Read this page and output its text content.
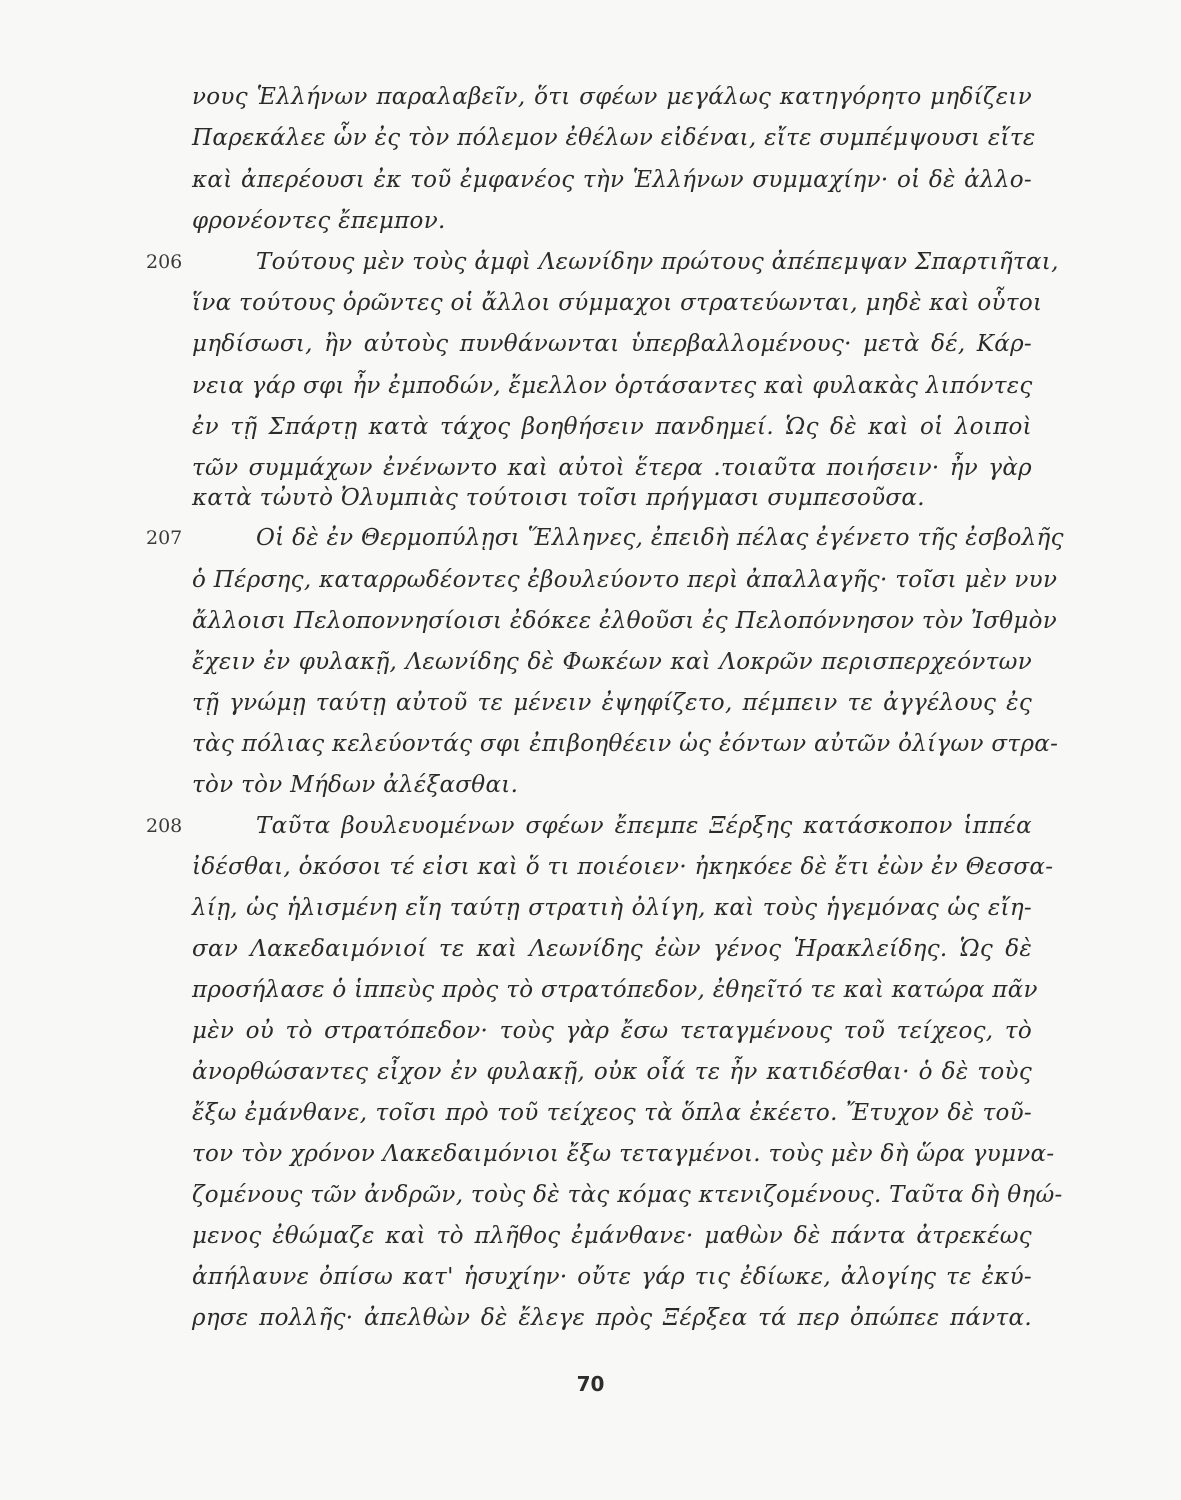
206
207
208
νους Ἑλλήνων παραλαβεῖν, ὅτι σφέων μεγάλως κατηγόρητο μηδίζειν
Παρεκάλεε ὧν ἐς τὸν πόλεμον ἐθέλων εἰδέναι, εἴτε συμπέμψουσι εἴτε
καὶ ἀπερέουσι ἐκ τοῦ ἐμφανέος τὴν Ἑλλήνων συμμαχίην· οἱ δὲ ἀλλο-
φρονέοντες ἔπεμπον.
Τούτους μὲν τοὺς ἀμφὶ Λεωνίδην πρώτους ἀπέπεμψαν Σπαρτιῆται,
ἵνα τούτους ὁρῶντες οἱ ἄλλοι σύμμαχοι στρατεύωνται, μηδὲ καὶ οὗτοι
μηδίσωσι, ἢν αὐτοὺς πυνθάνωνται ὑπερβαλλομένους· μετὰ δέ, Κάρ-
νεια γάρ σφι ἦν ἐμποδών, ἔμελλον ὁρτάσαντες καὶ φυλακὰς λιπόντες
ἐν τῇ Σπάρτῃ κατὰ τάχος βοηθήσειν πανδημεί. Ὡς δὲ καὶ οἱ λοιποὶ
τῶν συμμάχων ἐνένωντο καὶ αὐτοὶ ἕτερα .τοιαῦτα ποιήσειν· ἦν γὰρ
κατὰ τὠυτὸ Ὀλυμπιὰς τούτοισι τοῖσι πρήγμασι συμπεσοῦσα.
Οἱ δὲ ἐν Θερμοπύλῃσι Ἕλληνες, ἐπειδὴ πέλας ἐγένετο τῆς ἐσβολῆς
ὁ Πέρσης, καταρρωδέοντες ἐβουλεύοντο περὶ ἀπαλλαγῆς· τοῖσι μὲν νυν
ἄλλοισι Πελοποννησίοισι ἐδόκεε ἐλθοῦσι ἐς Πελοπόννησον τὸν Ἰσθμὸν
ἔχειν ἐν φυλακῇ, Λεωνίδης δὲ Φωκέων καὶ Λοκρῶν περισπερχεόντων
τῇ γνώμῃ ταύτῃ αὐτοῦ τε μένειν ἐψηφίζετο, πέμπειν τε ἀγγέλους ἐς
τὰς πόλιας κελεύοντάς σφι ἐπιβοηθέειν ὡς ἐόντων αὐτῶν ὀλίγων στρα-
τὸν τὸν Μήδων ἀλέξασθαι.
Ταῦτα βουλευομένων σφέων ἔπεμπε Ξέρξης κατάσκοπον ἱππέα
ἰδέσθαι, ὁκόσοι τέ εἰσι καὶ ὅ τι ποιέοιεν· ἠκηκόεε δὲ ἔτι ἐὼν ἐν Θεσσα-
λίῃ, ὡς ἡλισμένη εἴη ταύτῃ στρατιὴ ὀλίγη, καὶ τοὺς ἡγεμόνας ὡς εἴη-
σαν Λακεδαιμόνιοί τε καὶ Λεωνίδης ἐὼν γένος Ἡρακλείδης. Ὡς δὲ
προσήλασε ὁ ἱππεὺς πρὸς τὸ στρατόπεδον, ἐθηεῖτό τε καὶ κατώρα πᾶν
μὲν οὐ τὸ στρατόπεδον· τοὺς γὰρ ἔσω τεταγμένους τοῦ τείχεος, τὸ
ἀνορθώσαντες εἶχον ἐν φυλακῇ, οὐκ οἷά τε ἦν κατιδέσθαι· ὁ δὲ τοὺς
ἔξω ἐμάνθανε, τοῖσι πρὸ τοῦ τείχεος τὰ ὅπλα ἐκέετο. Ἔτυχον δὲ τοῦ-
τον τὸν χρόνον Λακεδαιμόνιοι ἔξω τεταγμένοι. τοὺς μὲν δὴ ὥρα γυμνα-
ζομένους τῶν ἀνδρῶν, τοὺς δὲ τὰς κόμας κτενιζομένους. Ταῦτα δὴ θηώ-
μενος ἐθώμαζε καὶ τὸ πλῆθος ἐμάνθανε· μαθὼν δὲ πάντα ἀτρεκέως
ἀπήλαυνε ὀπίσω κατ' ἡσυχίην· οὔτε γάρ τις ἐδίωκε, ἀλογίης τε ἐκύ-
ρησε πολλῆς· ἀπελθὼν δὲ ἔλεγε πρὸς Ξέρξεα τά περ ὀπώπεε πάντα.
70
